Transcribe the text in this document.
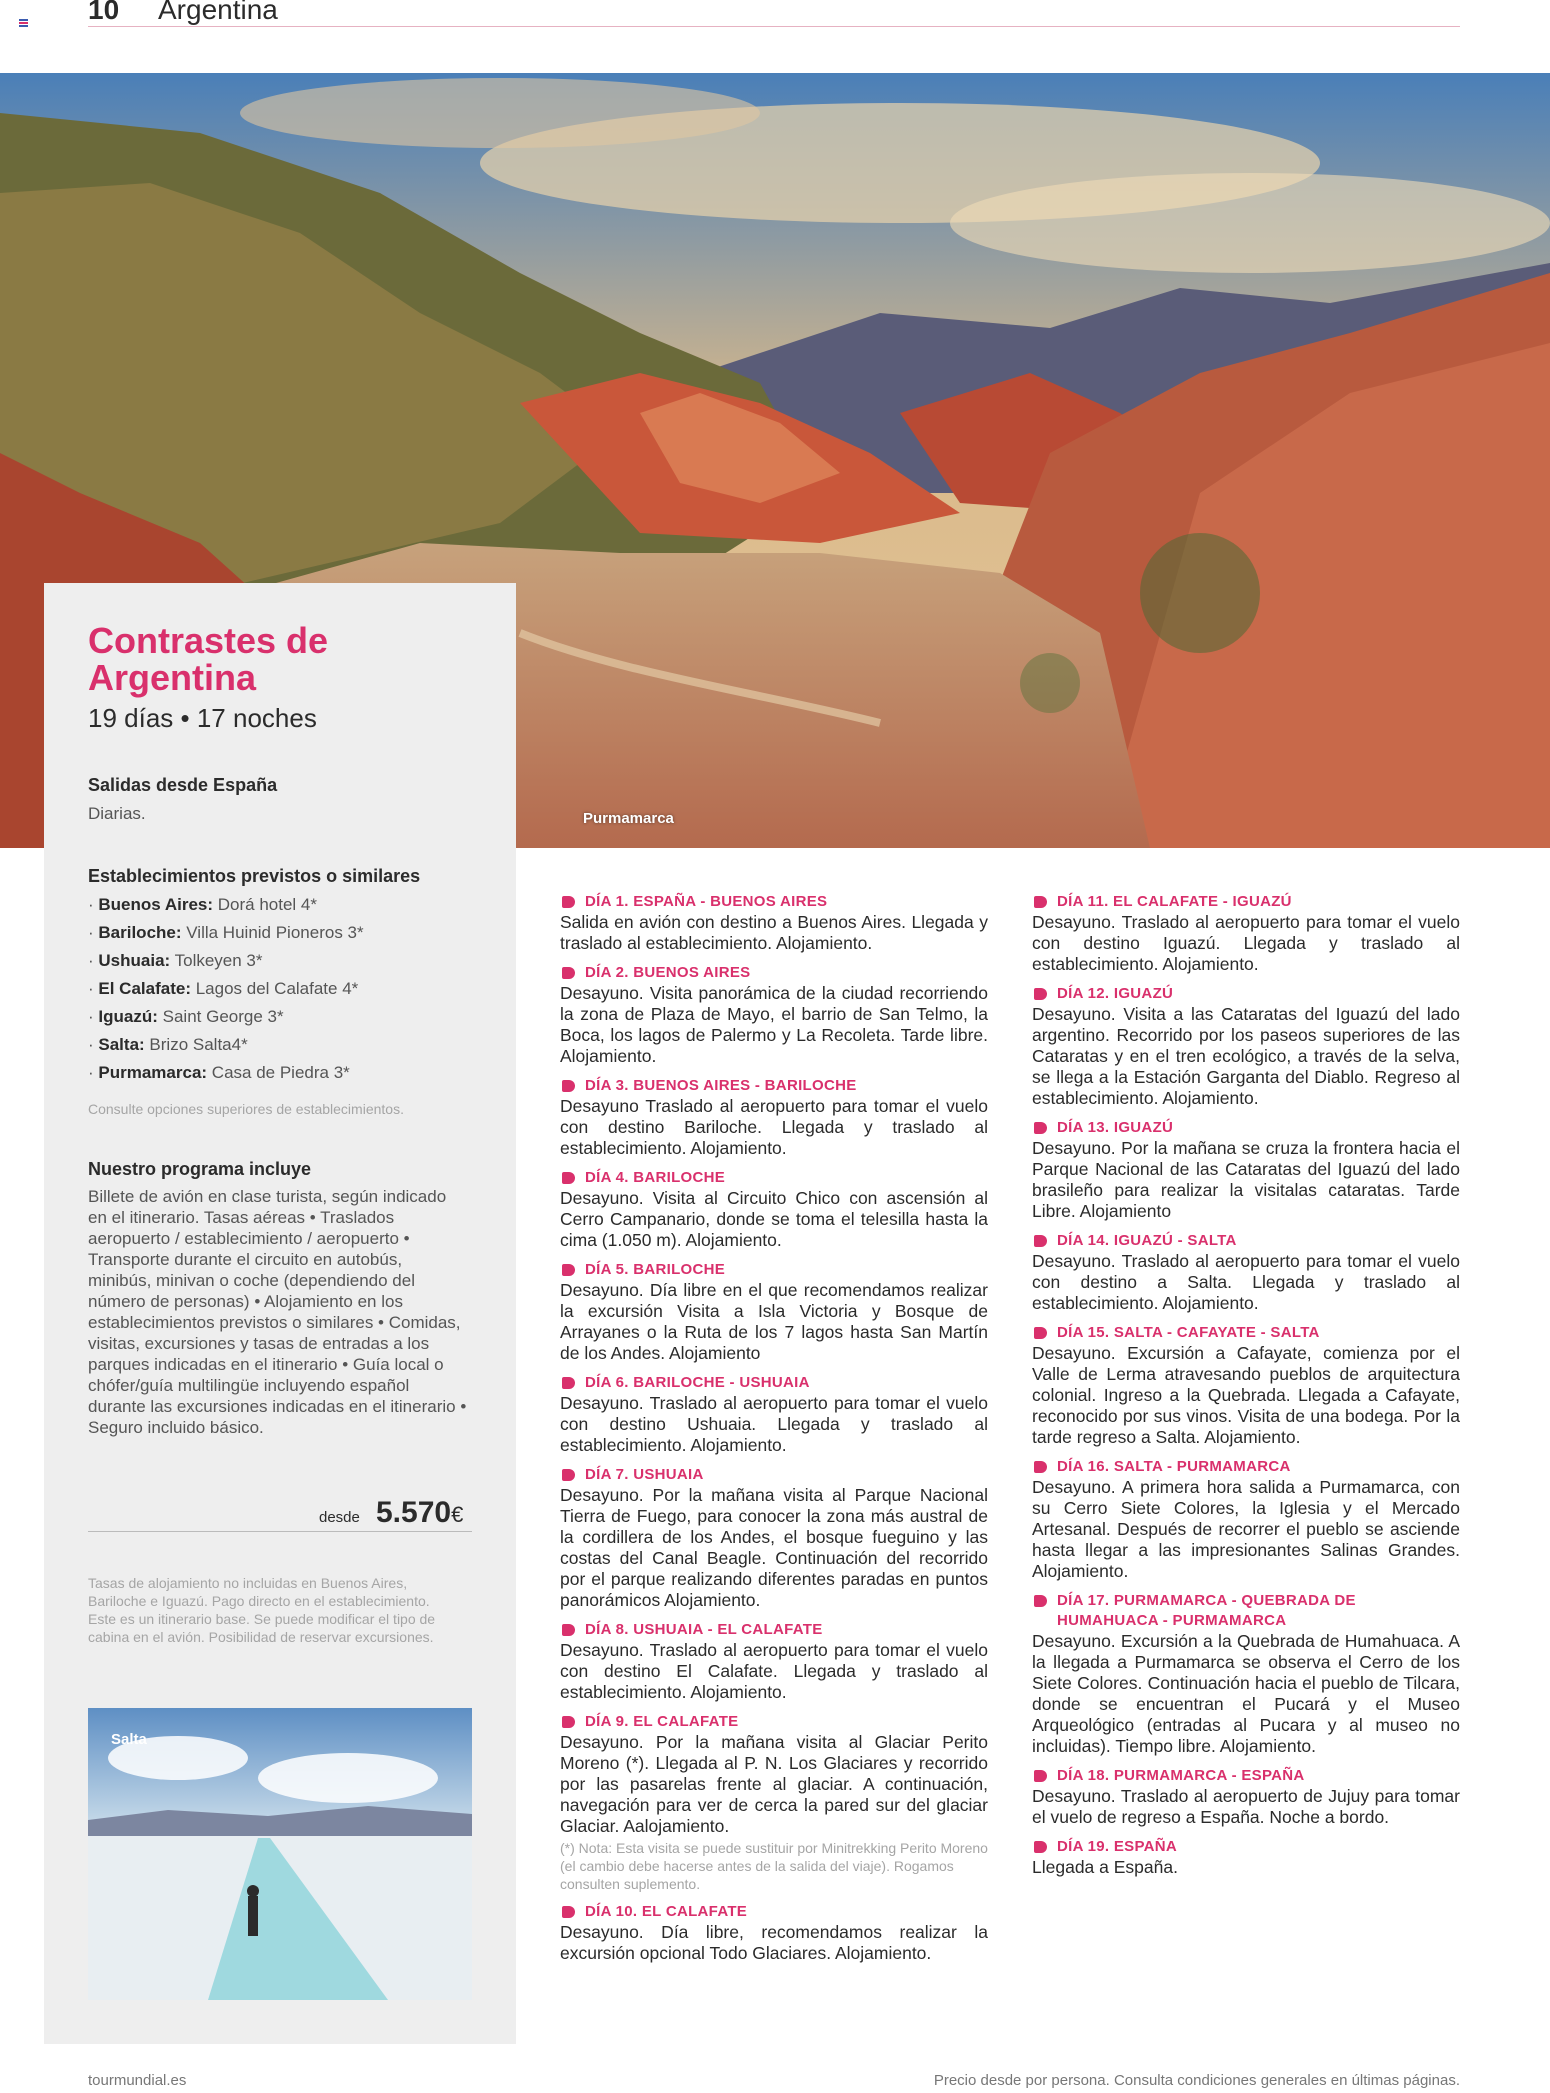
10 Argentina
Purmamarca
Contrastes de Argentina
19 días • 17 noches
Salidas desde España
Diarias.
Establecimientos previstos o similares
· Buenos Aires: Dorá hotel 4*
· Bariloche: Villa Huinid Pioneros 3*
· Ushuaia: Tolkeyen 3*
· El Calafate: Lagos del Calafate 4*
· Iguazú: Saint George 3*
· Salta: Brizo Salta4*
· Purmamarca: Casa de Piedra 3*
Consulte opciones superiores de establecimientos.
Nuestro programa incluye
Billete de avión en clase turista, según indicado en el itinerario. Tasas aéreas • Traslados aeropuerto / establecimiento / aeropuerto • Transporte durante el circuito en autobús, minibús, minivan o coche (dependiendo del número de personas) • Alojamiento en los establecimientos previstos o similares • Comidas, visitas, excursiones y tasas de entradas a los parques indicadas en el itinerario • Guía local o chófer/guía multilingüe incluyendo español durante las excursiones indicadas en el itinerario • Seguro incluido básico.
desde 5.570€
Tasas de alojamiento no incluidas en Buenos Aires, Bariloche e Iguazú. Pago directo en el establecimiento. Este es un itinerario base. Se puede modificar el tipo de cabina en el avión. Posibilidad de reservar excursiones.
Salta
DÍA 1. ESPAÑA - BUENOS AIRES
Salida en avión con destino a Buenos Aires. Llegada y traslado al establecimiento. Alojamiento.
DÍA 2. BUENOS AIRES
Desayuno. Visita panorámica de la ciudad recorriendo la zona de Plaza de Mayo, el barrio de San Telmo, la Boca, los lagos de Palermo y La Recoleta. Tarde libre. Alojamiento.
DÍA 3. BUENOS AIRES - BARILOCHE
Desayuno Traslado al aeropuerto para tomar el vuelo con destino Bariloche. Llegada y traslado al establecimiento. Alojamiento.
DÍA 4. BARILOCHE
Desayuno. Visita al Circuito Chico con ascensión al Cerro Campanario, donde se toma el telesilla hasta la cima (1.050 m). Alojamiento.
DÍA 5. BARILOCHE
Desayuno. Día libre en el que recomendamos realizar la excursión Visita a Isla Victoria y Bosque de Arrayanes o la Ruta de los 7 lagos hasta San Martín de los Andes. Alojamiento
DÍA 6. BARILOCHE - USHUAIA
Desayuno. Traslado al aeropuerto para tomar el vuelo con destino Ushuaia. Llegada y traslado al establecimiento. Alojamiento.
DÍA 7. USHUAIA
Desayuno. Por la mañana visita al Parque Nacional Tierra de Fuego, para conocer la zona más austral de la cordillera de los Andes, el bosque fueguino y las costas del Canal Beagle. Continuación del recorrido por el parque realizando diferentes paradas en puntos panorámicos Alojamiento.
DÍA 8. USHUAIA - EL CALAFATE
Desayuno. Traslado al aeropuerto para tomar el vuelo con destino El Calafate. Llegada y traslado al establecimiento. Alojamiento.
DÍA 9. EL CALAFATE
Desayuno. Por la mañana visita al Glaciar Perito Moreno (*). Llegada al P. N. Los Glaciares y recorrido por las pasarelas frente al glaciar. A continuación, navegación para ver de cerca la pared sur del glaciar Glaciar. Aalojamiento.
(*) Nota: Esta visita se puede sustituir por Minitrekking Perito Moreno (el cambio debe hacerse antes de la salida del viaje). Rogamos consulten suplemento.
DÍA 10. EL CALAFATE
Desayuno. Día libre, recomendamos realizar la excursión opcional Todo Glaciares. Alojamiento.
DÍA 11. EL CALAFATE - IGUAZÚ
Desayuno. Traslado al aeropuerto para tomar el vuelo con destino Iguazú. Llegada y traslado al establecimiento. Alojamiento.
DÍA 12. IGUAZÚ
Desayuno. Visita a las Cataratas del Iguazú del lado argentino. Recorrido por los paseos superiores de las Cataratas y en el tren ecológico, a través de la selva, se llega a la Estación Garganta del Diablo. Regreso al establecimiento. Alojamiento.
DÍA 13. IGUAZÚ
Desayuno. Por la mañana se cruza la frontera hacia el Parque Nacional de las Cataratas del Iguazú del lado brasileño para realizar la visitalas cataratas. Tarde Libre. Alojamiento
DÍA 14. IGUAZÚ - SALTA
Desayuno. Traslado al aeropuerto para tomar el vuelo con destino a Salta. Llegada y traslado al establecimiento. Alojamiento.
DÍA 15. SALTA - CAFAYATE - SALTA
Desayuno. Excursión a Cafayate, comienza por el Valle de Lerma atravesando pueblos de arquitectura colonial. Ingreso a la Quebrada. Llegada a Cafayate, reconocido por sus vinos. Visita de una bodega. Por la tarde regreso a Salta. Alojamiento.
DÍA 16. SALTA - PURMAMARCA
Desayuno. A primera hora salida a Purmamarca, con su Cerro Siete Colores, la Iglesia y el Mercado Artesanal. Después de recorrer el pueblo se asciende hasta llegar a las impresionantes Salinas Grandes. Alojamiento.
DÍA 17. PURMAMARCA - QUEBRADA DE HUMAHUACA - PURMAMARCA
Desayuno. Excursión a la Quebrada de Humahuaca. A la llegada a Purmamarca se observa el Cerro de los Siete Colores. Continuación hacia el pueblo de Tilcara, donde se encuentran el Pucará y el Museo Arqueológico (entradas al Pucara y al museo no incluidas). Tiempo libre. Alojamiento.
DÍA 18. PURMAMARCA - ESPAÑA
Desayuno. Traslado al aeropuerto de Jujuy para tomar el vuelo de regreso a España. Noche a bordo.
DÍA 19. ESPAÑA
Llegada a España.
tourmundial.es	Precio desde por persona. Consulta condiciones generales en últimas páginas.
